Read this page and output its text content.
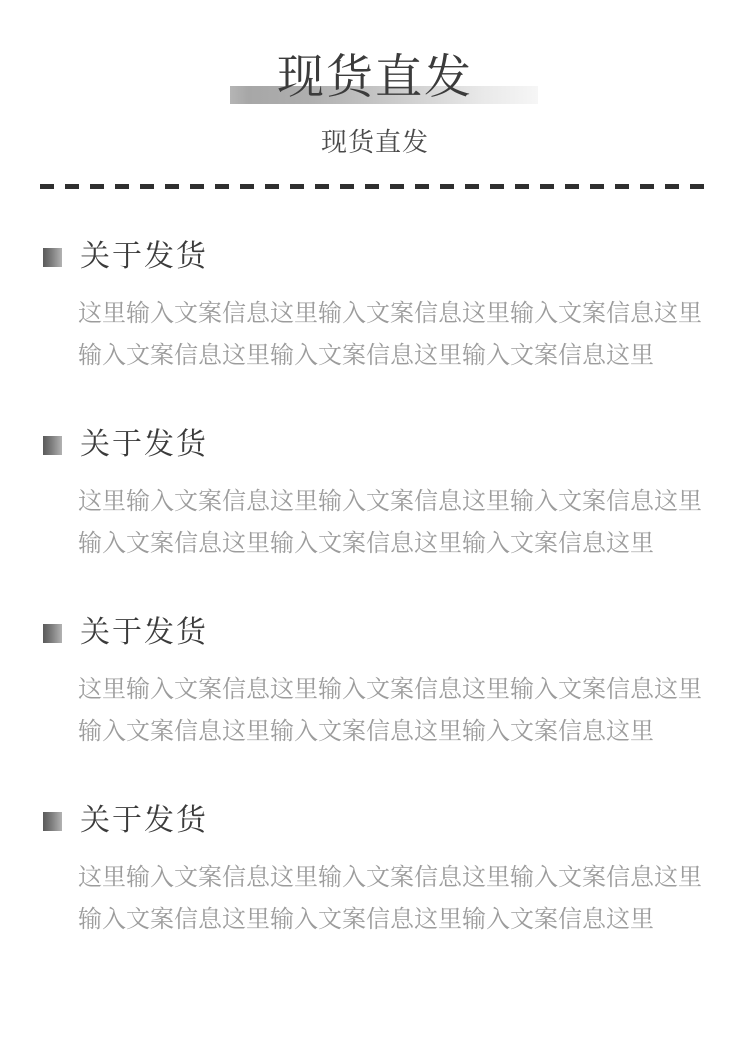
现货直发
现货直发
关于发货
这里输入文案信息这里输入文案信息这里输入文案信息这里
输入文案信息这里输入文案信息这里输入文案信息这里
关于发货
这里输入文案信息这里输入文案信息这里输入文案信息这里
输入文案信息这里输入文案信息这里输入文案信息这里
关于发货
这里输入文案信息这里输入文案信息这里输入文案信息这里
输入文案信息这里输入文案信息这里输入文案信息这里
关于发货
这里输入文案信息这里输入文案信息这里输入文案信息这里
输入文案信息这里输入文案信息这里输入文案信息这里
